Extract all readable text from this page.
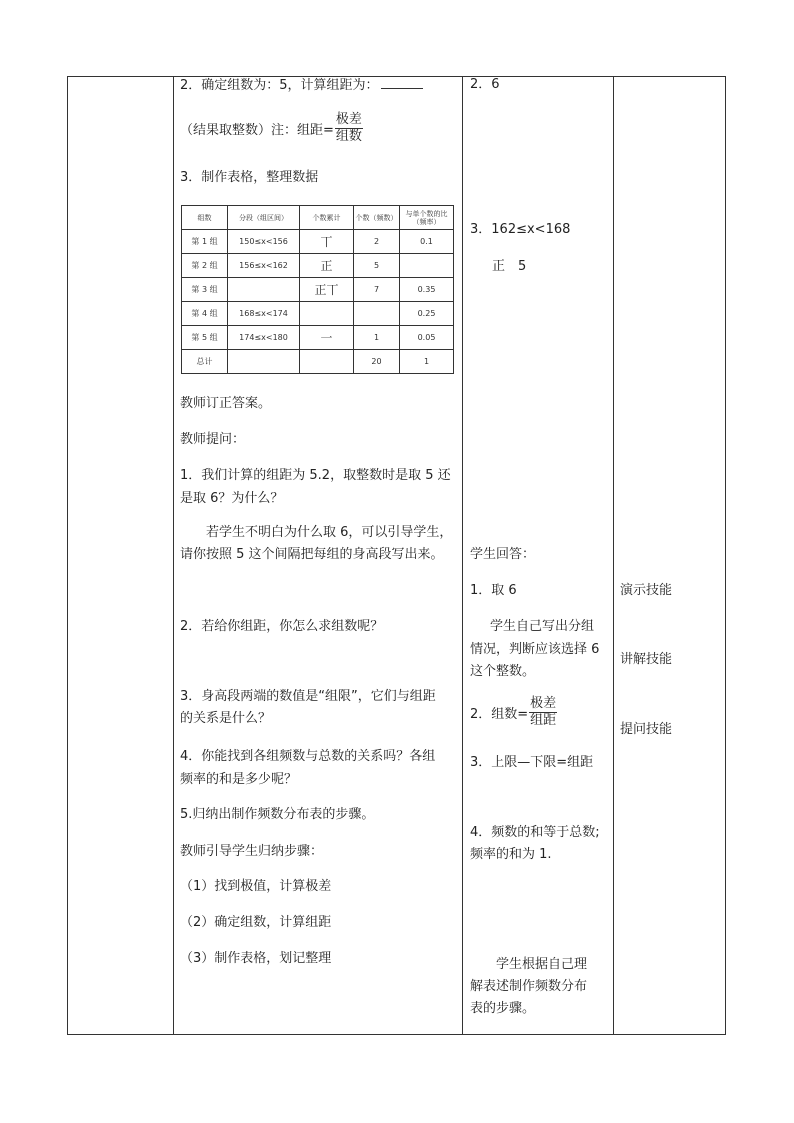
2．确定组数为：5，计算组距为：
（结果取整数）注：组距= $\frac{\text{极差}}{\text{组数}}$
3．制作表格，整理数据
组数	分段（组区间）	个数累计	个数（频数）	与单个数的比（频率）
第 1 组	150≤x<156	丅	2	0.1
第 2 组	156≤x<162	正	5	
第 3 组		正丅	7	0.35
第 4 组	168≤x<174			0.25
第 5 组	174≤x<180	一	1	0.05
总计			20	1
教师订正答案。
教师提问：
1．我们计算的组距为 5.2，取整数时是取 5 还
是取 6？为什么？
若学生不明白为什么取 6，可以引导学生，
请你按照 5 这个间隔把每组的身高段写出来。
2．若给你组距，你怎么求组数呢？
3．身高段两端的数值是“组限”，它们与组距
的关系是什么？
4．你能找到各组频数与总数的关系吗？各组
频率的和是多少呢？
5.归纳出制作频数分布表的步骤。
教师引导学生归纳步骤：
（1）找到极值，计算极差
（2）确定组数，计算组距
（3）制作表格，划记整理
2．6
3．162≤x<168
正　5
学生回答：
1．取 6
学生自己写出分组
情况，判断应该选择 6
这个整数。
2．组数= $\frac{\text{极差}}{\text{组距}}$
3．上限—下限=组距
4．频数的和等于总数;
频率的和为 1.
学生根据自己理
解表述制作频数分布
表的步骤。
演示技能
讲解技能
提问技能
